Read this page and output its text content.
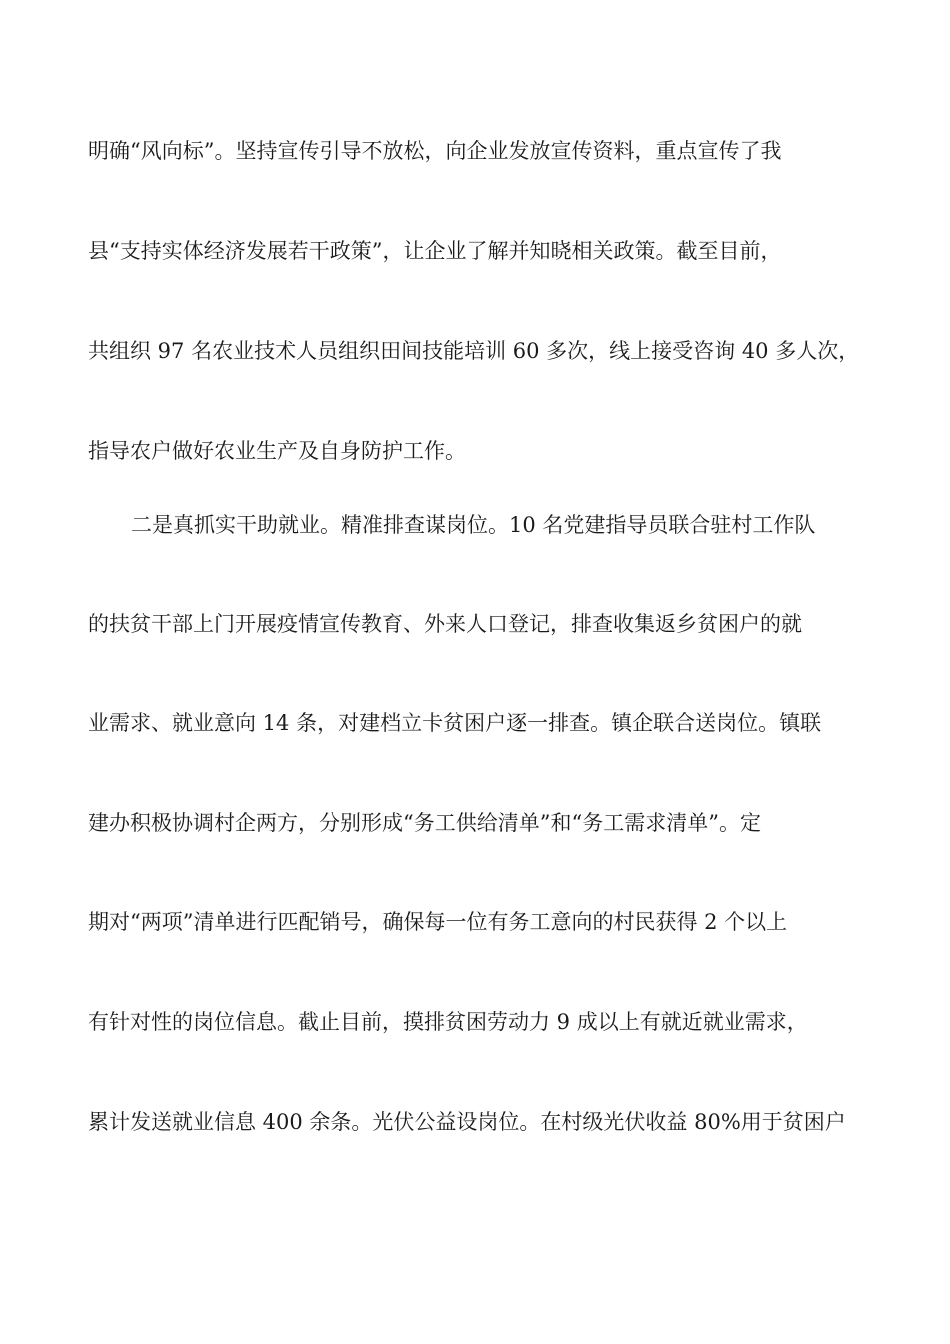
明确“风向标”。坚持宣传引导不放松，向企业发放宣传资料，重点宣传了我
县“支持实体经济发展若干政策”，让企业了解并知晓相关政策。截至目前，
共组织 97 名农业技术人员组织田间技能培训 60 多次，线上接受咨询 40 多人次，
指导农户做好农业生产及自身防护工作。
二是真抓实干助就业。精准排查谋岗位。10 名党建指导员联合驻村工作队
的扶贫干部上门开展疫情宣传教育、外来人口登记，排查收集返乡贫困户的就
业需求、就业意向 14 条，对建档立卡贫困户逐一排查。镇企联合送岗位。镇联
建办积极协调村企两方，分别形成“务工供给清单”和“务工需求清单”。定
期对“两项”清单进行匹配销号，确保每一位有务工意向的村民获得 2 个以上
有针对性的岗位信息。截止目前，摸排贫困劳动力 9 成以上有就近就业需求，
累计发送就业信息 400 余条。光伏公益设岗位。在村级光伏收益 80%用于贫困户
